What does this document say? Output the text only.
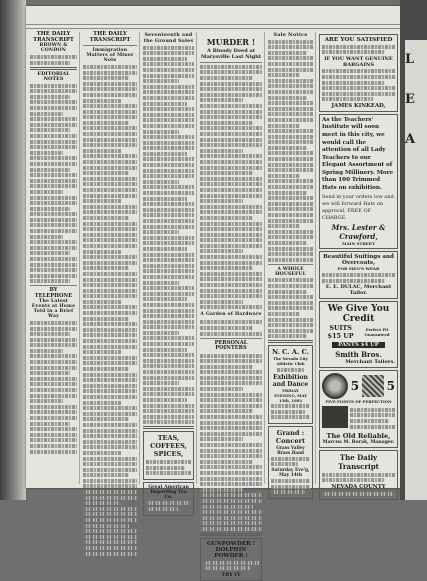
THE DAILY TRANSCRIPT
BROWN & CONDON
EDITORIAL NOTES
BY TELEPHONE
The Latest Events at Home Told in a Brief Way
THE DAILY TRANSCRIPT
Immigration Matters of Minor Note
Seventeenth and the Ground Sales
TEAS, COFFEES, SPICES,
Great American Importing Tea Co.
MURDER !
A Bloody Deed at Marysville Last Night
A Garden of Hardware
PERSONAL POINTERS
GUNPOWDER ! DOLPHIN POWDER !
TRY IT
Sale Notice
A WHOLE HOUSEFUL
N. C. A. C.
The Nevada City Athletic Club
Exhibition and Dance
FRIDAY EVENING, MAY 13th, 1892
Grand : Concert
Grass Valley Brass Band
Saturday Eve'g, May 14th
ARE YOU SATISFIED
IF YOU WANT GENUINE BARGAINS
JAMES KINKEAD,
As the Teachers' Institute will soon meet in this city, we would call the attention of all Lady Teachers to our Elegant Assortment of Spring Millinery. More than 100 Trimmed Hats on exhibition.
Send in your orders low and we will forward Hats on approval, FREE OF CHARGE.
Mrs. Lester & Crawford,
MAIN STREET
Beautiful Suitings and Overcoats,
FOR MEN'S WEAR
E. E. DULAC, Merchant Tailor.
We Give You Credit
SUITS $15 UP
Perfect Fit Guaranteed
PANTS $4 UP
Smith Bros.
Merchant Tailors.
5 5
FIVE POINTS OF PERFECTION
The Old Reliable,
Marcus M. Borak, Manager.
The Daily Transcript
NEVADA COUNTY
L
E
A
